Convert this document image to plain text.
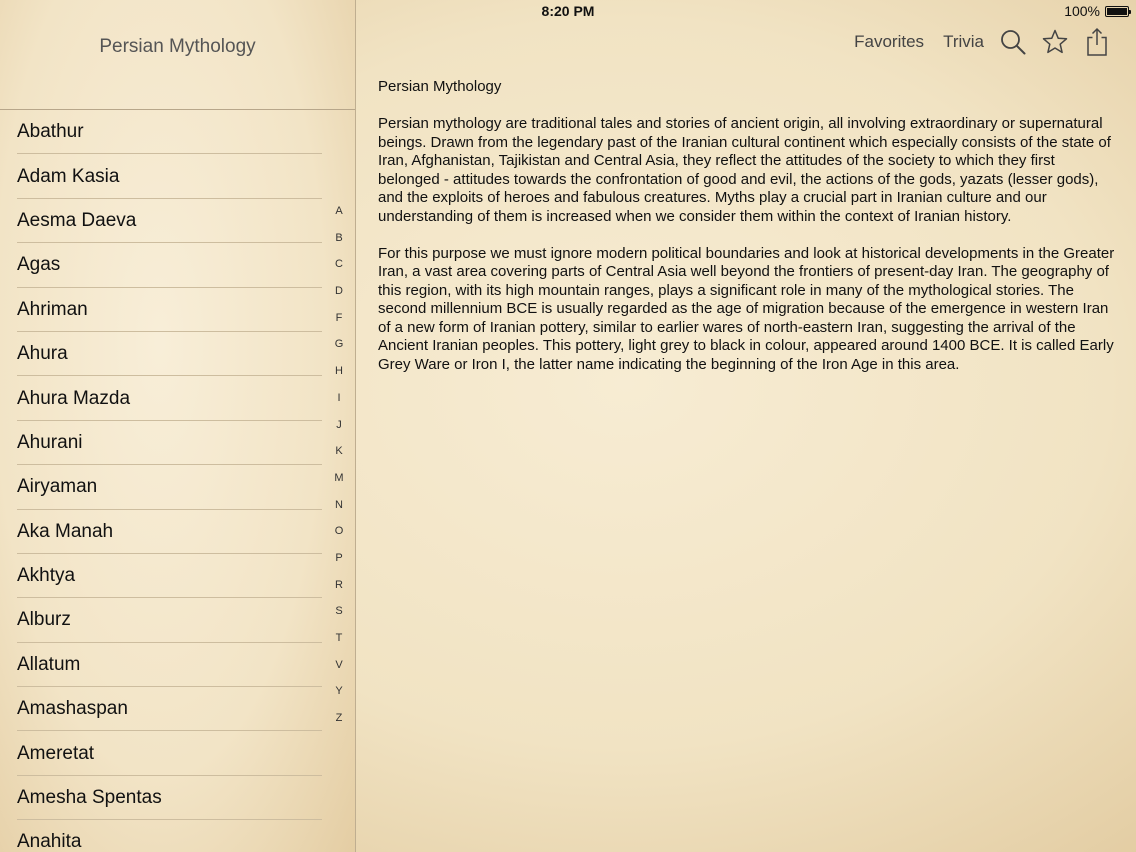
8:20 PM	100%
Persian Mythology
Abathur
Adam Kasia
Aesma Daeva
Agas
Ahriman
Ahura
Ahura Mazda
Ahurani
Airyaman
Aka Manah
Akhtya
Alburz
Allatum
Amashaspan
Ameretat
Amesha Spentas
Anahita
A
B
C
D
F
G
H
I
J
K
M
N
O
P
R
S
T
V
Y
Z
Favorites Trivia
Persian Mythology

Persian mythology are traditional tales and stories of ancient origin, all involving extraordinary or supernatural beings. Drawn from the legendary past of the Iranian cultural continent which especially consists of the state of Iran, Afghanistan, Tajikistan and Central Asia, they reflect the attitudes of the society to which they first belonged - attitudes towards the confrontation of good and evil, the actions of the gods, yazats (lesser gods), and the exploits of heroes and fabulous creatures. Myths play a crucial part in Iranian culture and our understanding of them is increased when we consider them within the context of Iranian history.

For this purpose we must ignore modern political boundaries and look at historical developments in the Greater Iran, a vast area covering parts of Central Asia well beyond the frontiers of present-day Iran. The geography of this region, with its high mountain ranges, plays a significant role in many of the mythological stories. The second millennium BCE is usually regarded as the age of migration because of the emergence in western Iran of a new form of Iranian pottery, similar to earlier wares of north-eastern Iran, suggesting the arrival of the Ancient Iranian peoples. This pottery, light grey to black in colour, appeared around 1400 BCE. It is called Early Grey Ware or Iron I, the latter name indicating the beginning of the Iron Age in this area.
